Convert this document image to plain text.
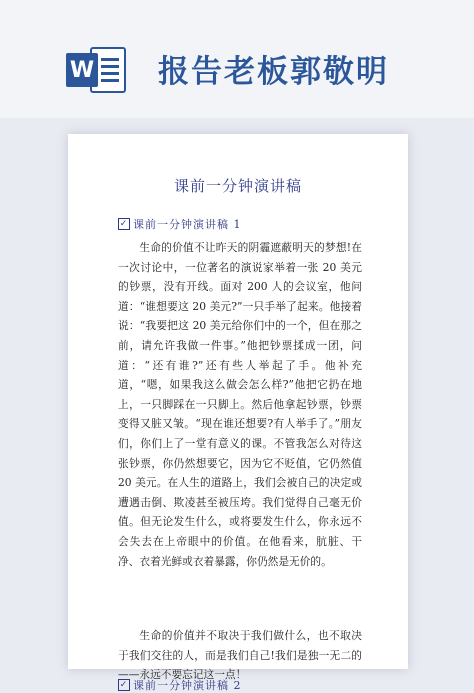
W 报告老板郭敬明
课前一分钟演讲稿
✓ 课前一分钟演讲稿 1

生命的价值不让昨天的阴霾遮蔽明天的梦想!在一次讨论中，一位著名的演说家举着一张 20 美元的钞票，没有开线。面对 200 人的会议室，他问道：“谁想要这 20 美元?”一只手举了起来。他接着说：“我要把这 20 美元给你们中的一个，但在那之前，请允许我做一件事。”他把钞票揉成一团，问道：“还有谁?”还有些人举起了手。他补充道，“嗯，如果我这么做会怎么样?”他把它扔在地上，一只脚踩在一只脚上。然后他拿起钞票，钞票变得又脏又皱。“现在谁还想要?有人举手了。”朋友们，你们上了一堂有意义的课。不管我怎么对待这张钞票，你仍然想要它，因为它不贬值，它仍然值 20 美元。在人生的道路上，我们会被自己的决定或遭遇击倒、欺凌甚至被压垮。我们觉得自己毫无价值。但无论发生什么，或将要发生什么，你永远不会失去在上帝眼中的价值。在他看来，肮脏、干净、衣着光鲜或衣着暴露，你仍然是无价的。

生命的价值并不取决于我们做什么，也不取决于我们交往的人，而是我们自己!我们是独一无二的——永远不要忘记这一点！

✓ 课前一分钟演讲稿 2
